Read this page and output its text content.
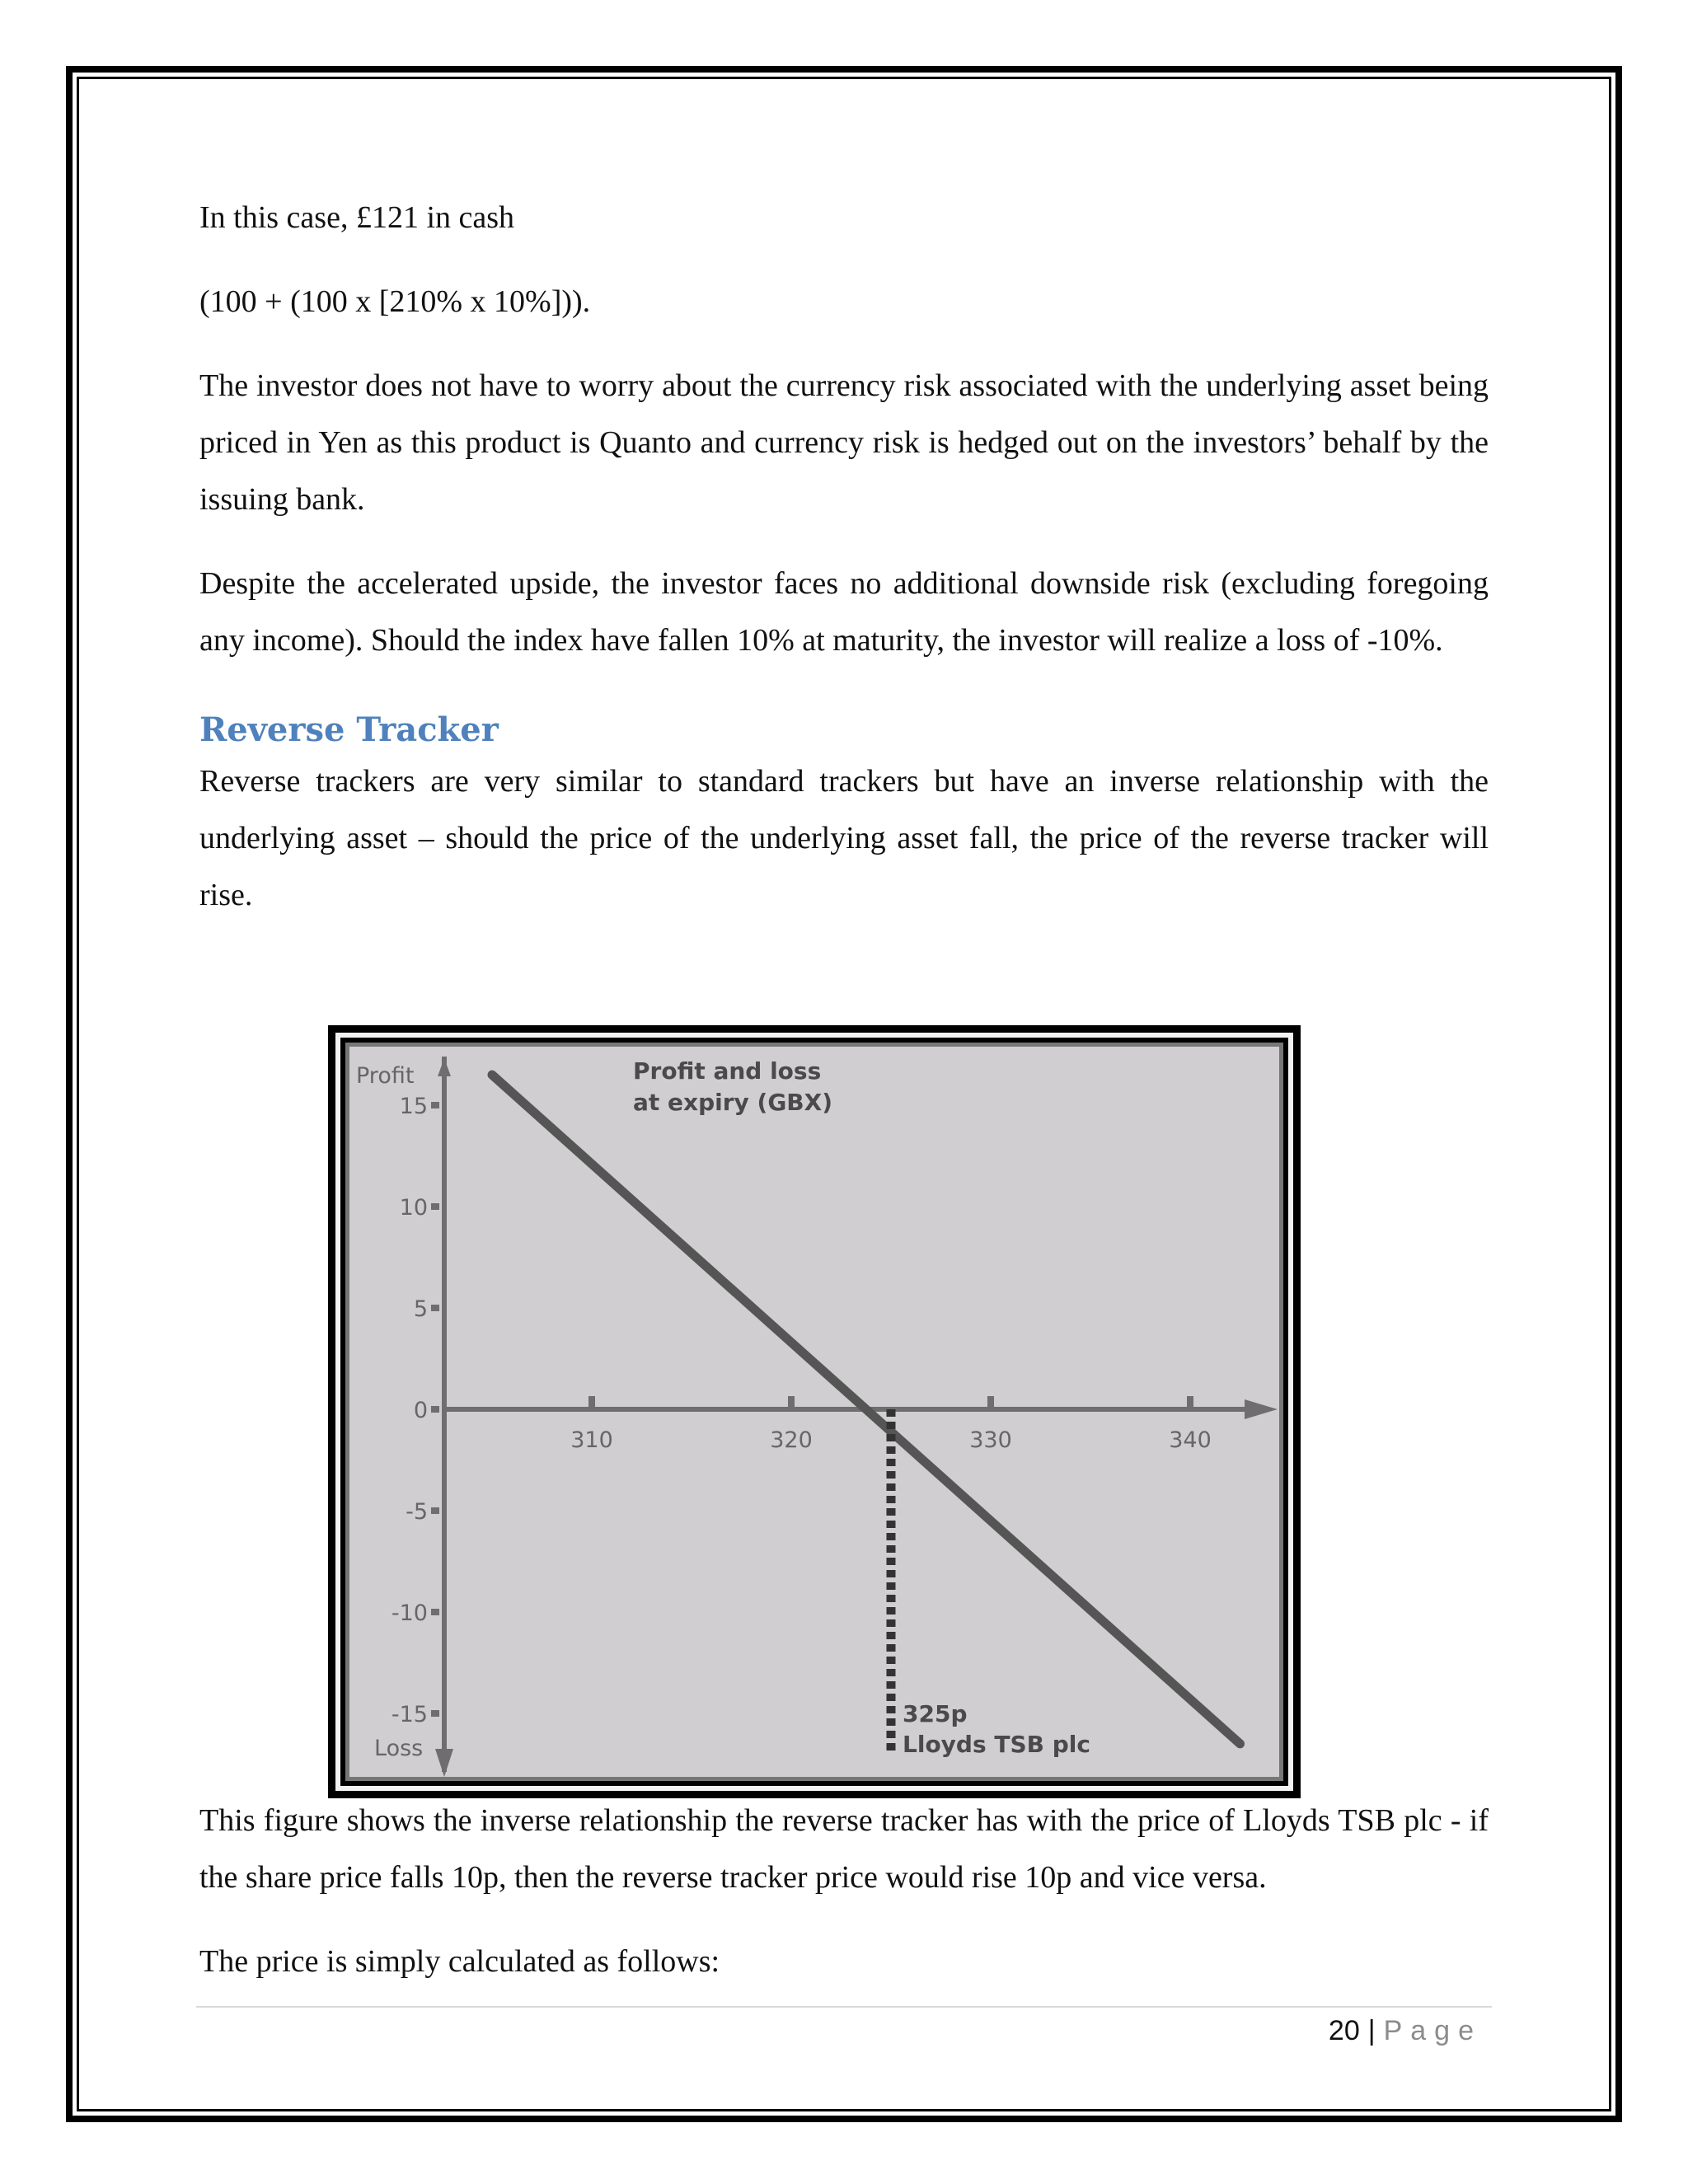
In this case, £121 in cash

(100 + (100 x [210% x 10%])).

The investor does not have to worry about the currency risk associated with the underlying asset being priced in Yen as this product is Quanto and currency risk is hedged out on the investors’ behalf by the issuing bank.

Despite the accelerated upside, the investor faces no additional downside risk (excluding foregoing any income). Should the index have fallen 10% at maturity, the investor will realize a loss of -10%.

Reverse Tracker

Reverse trackers are very similar to standard trackers but have an inverse relationship with the underlying asset – should the price of the underlying asset fall, the price of the reverse tracker will rise.

15
10
5
0
-5
-10
-15
310	320	330	340
Profit
Loss
Profit and loss
at expiry (GBX)
325p
Lloyds TSB plc

This figure shows the inverse relationship the reverse tracker has with the price of Lloyds TSB plc - if the share price falls 10p, then the reverse tracker price would rise 10p and vice versa.

The price is simply calculated as follows:

20 | Page
